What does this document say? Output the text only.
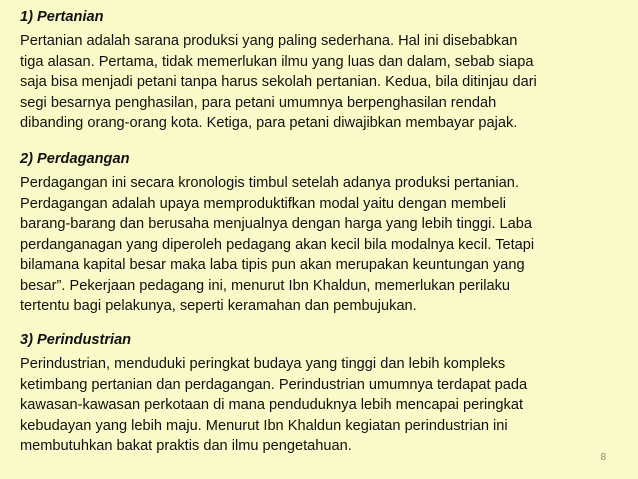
1) Pertanian

Pertanian adalah sarana produksi yang paling sederhana. Hal ini disebabkan
tiga alasan. Pertama, tidak memerlukan ilmu yang luas dan dalam, sebab siapa
saja bisa menjadi petani tanpa harus sekolah pertanian. Kedua, bila ditinjau dari
segi besarnya penghasilan, para petani umumnya berpenghasilan rendah
dibanding orang-orang kota. Ketiga, para petani diwajibkan membayar pajak.

2) Perdagangan

Perdagangan ini secara kronologis timbul setelah adanya produksi pertanian.
Perdagangan adalah upaya memproduktifkan modal yaitu dengan membeli
barang-barang dan berusaha menjualnya dengan harga yang lebih tinggi. Laba
perdanganagan yang diperoleh pedagang akan kecil bila modalnya kecil. Tetapi
bilamana kapital besar maka laba tipis pun akan merupakan keuntungan yang
besar”. Pekerjaan pedagang ini, menurut Ibn Khaldun, memerlukan perilaku
tertentu bagi pelakunya, seperti keramahan dan pembujukan.

3) Perindustrian

Perindustrian, menduduki peringkat budaya yang tinggi dan lebih kompleks
ketimbang pertanian dan perdagangan. Perindustrian umumnya terdapat pada
kawasan-kawasan perkotaan di mana penduduknya lebih mencapai peringkat
kebudayan yang lebih maju. Menurut Ibn Khaldun kegiatan perindustrian ini
membutuhkan bakat praktis dan ilmu pengetahuan.

8
